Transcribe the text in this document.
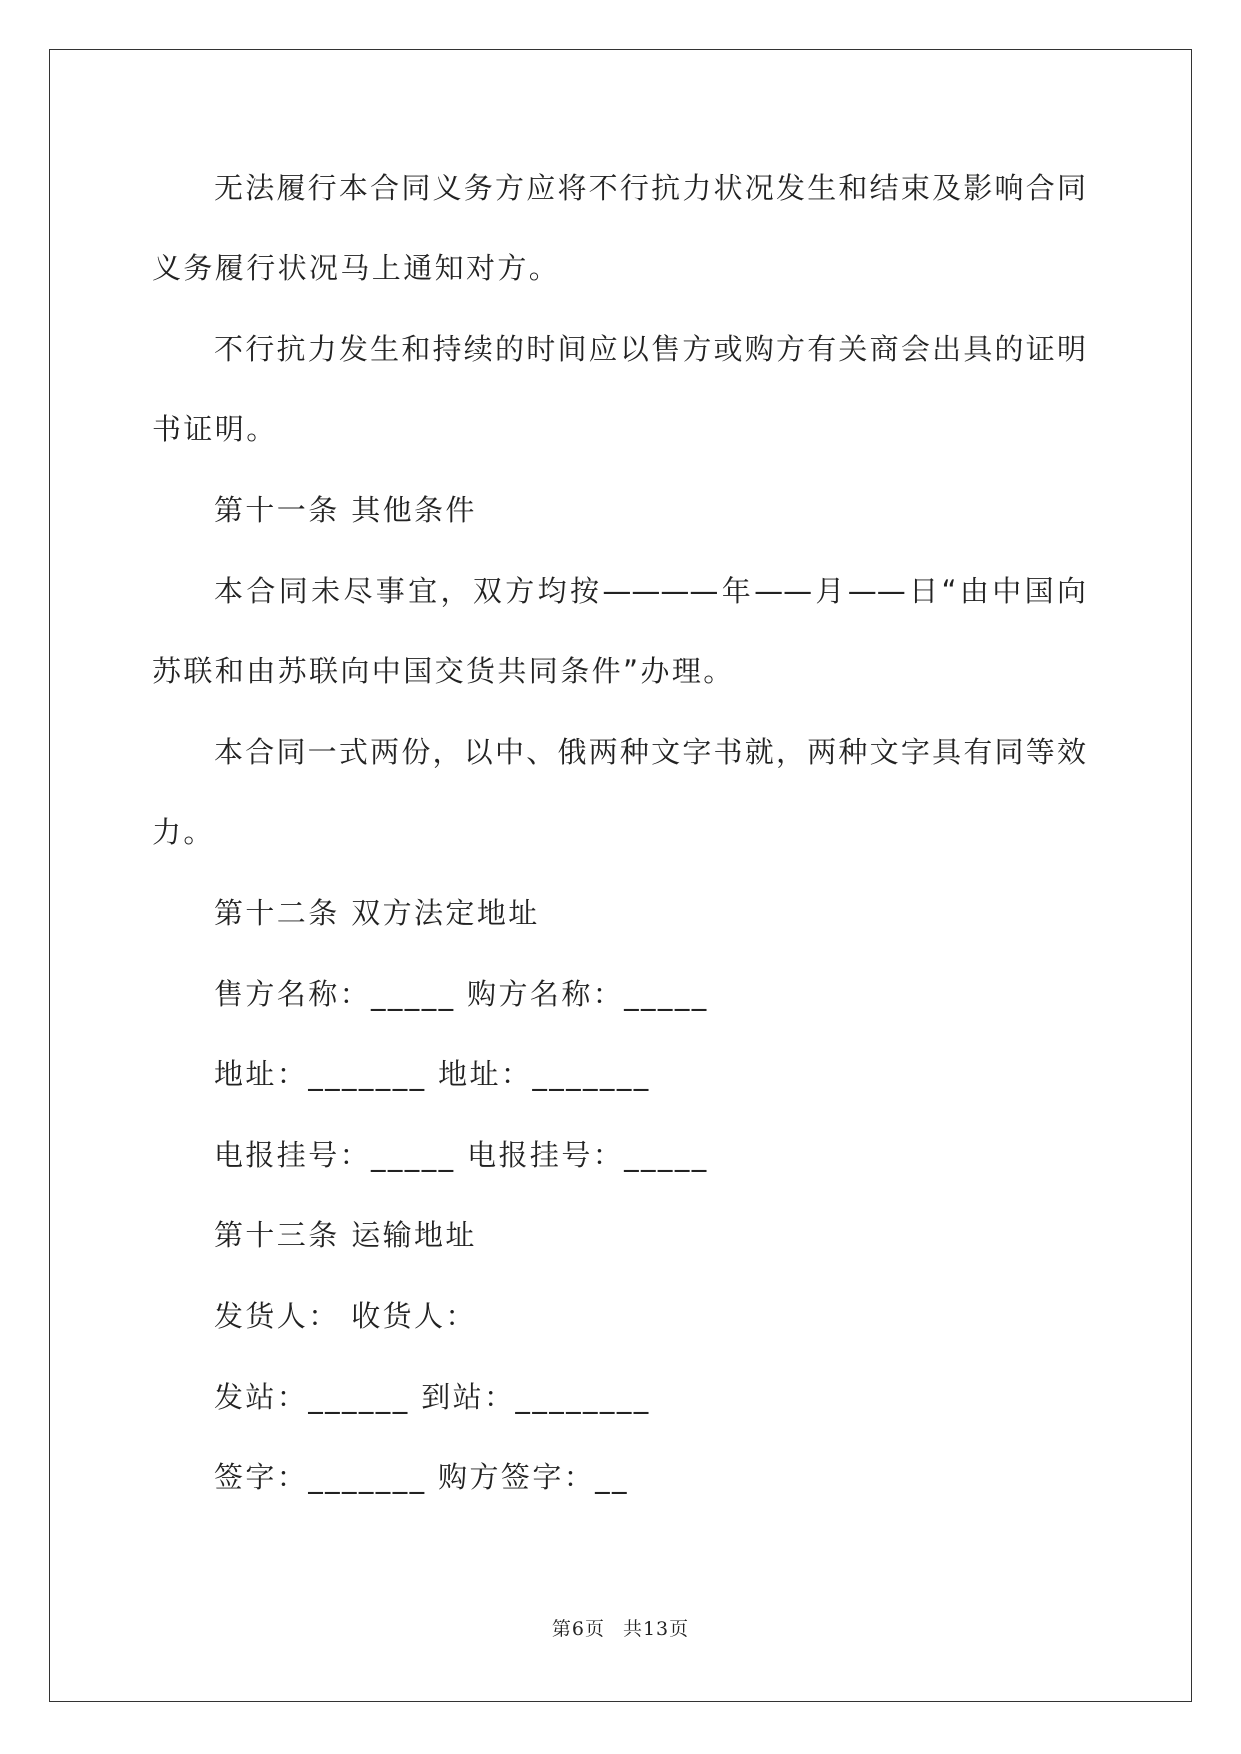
无法履行本合同义务方应将不行抗力状况发生和结束及影响合同
义务履行状况马上通知对方。
不行抗力发生和持续的时间应以售方或购方有关商会出具的证明
书证明。
第十一条 其他条件
本合同未尽事宜，双方均按————年——月——日“由中国向
苏联和由苏联向中国交货共同条件”办理。
本合同一式两份，以中、俄两种文字书就，两种文字具有同等效
力。
第十二条 双方法定地址
售方名称：_____ 购方名称：_____
地址：_______ 地址：_______
电报挂号：_____ 电报挂号：_____
第十三条 运输地址
发货人： 收货人：
发站：______ 到站：________
签字：_______ 购方签字：__
第6页 共13页
